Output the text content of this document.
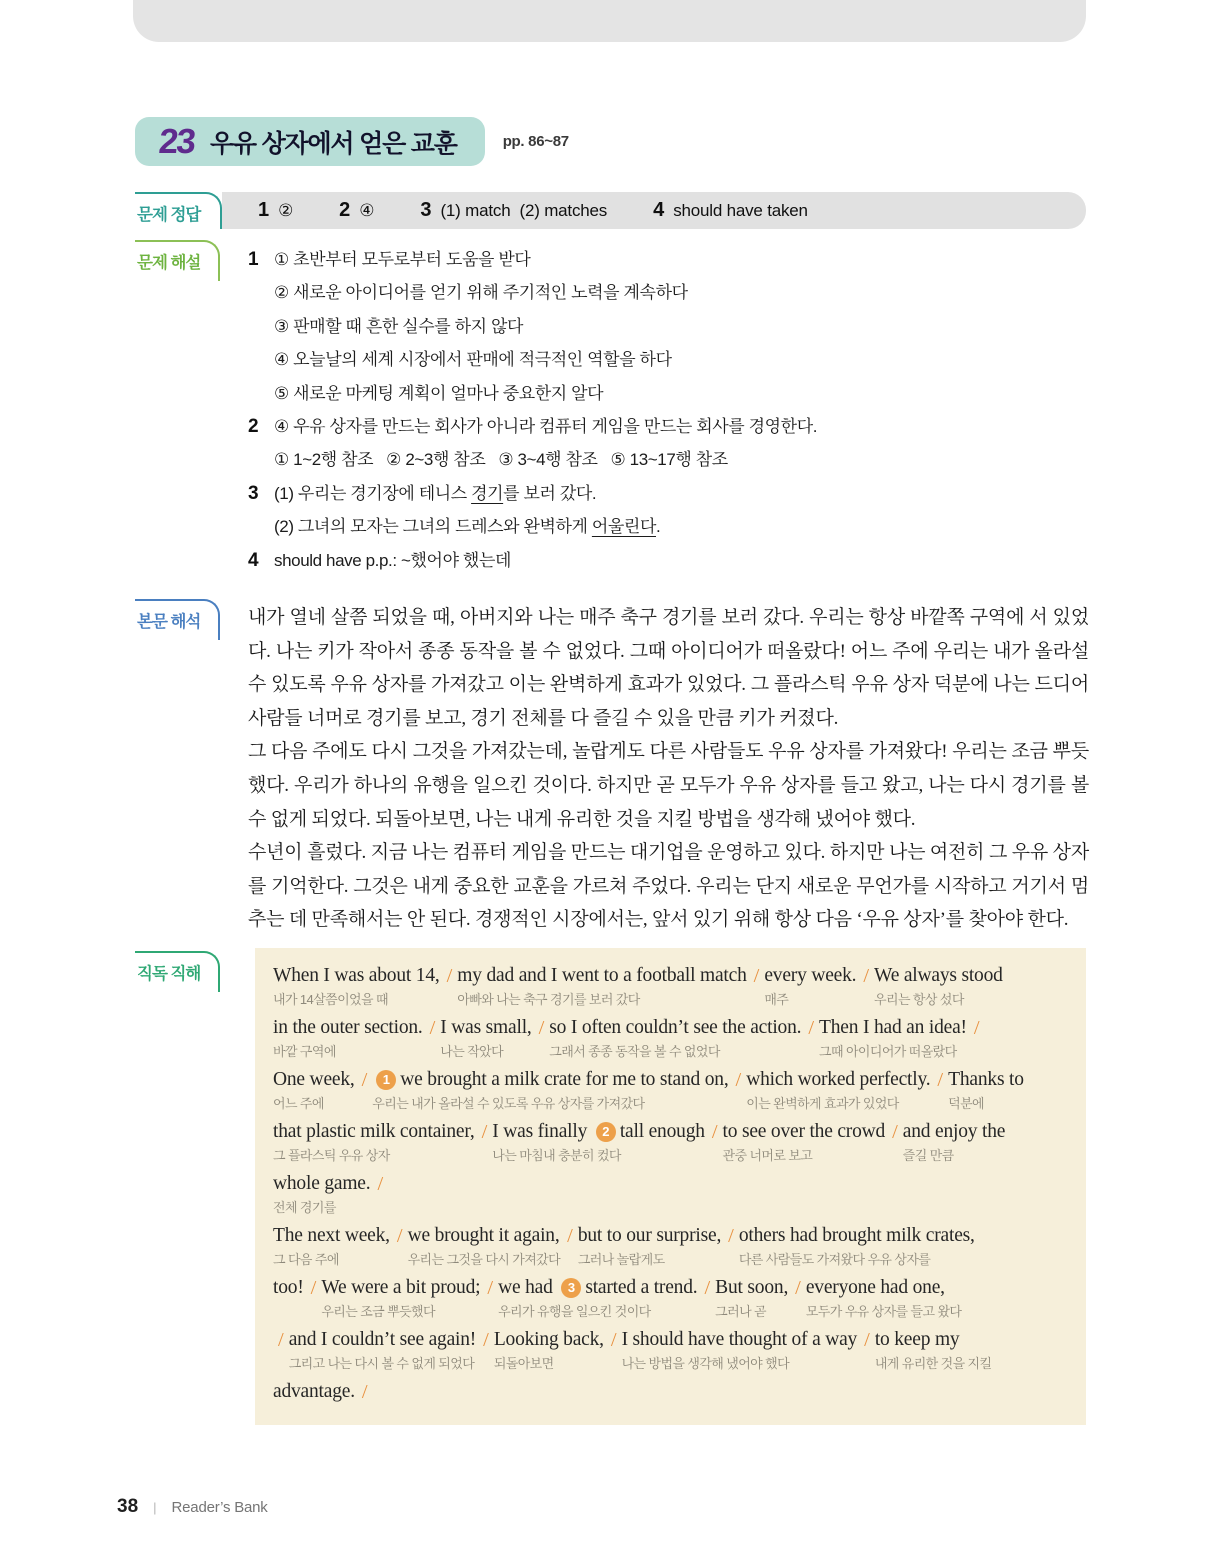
23 우유 상자에서 얻은 교훈	pp. 86~87
문제 정답	1 ② 2 ④ 3 (1) match  (2) matches 4 should have taken
문제 해설	1 ① 초반부터 모두로부터 도움을 받다
② 새로운 아이디어를 얻기 위해 주기적인 노력을 계속하다
③ 판매할 때 흔한 실수를 하지 않다
④ 오늘날의 세계 시장에서 판매에 적극적인 역할을 하다
⑤ 새로운 마케팅 계획이 얼마나 중요한지 알다
2 ④ 우유 상자를 만드는 회사가 아니라 컴퓨터 게임을 만드는 회사를 경영한다.
① 1~2행 참조   ② 2~3행 참조   ③ 3~4행 참조   ⑤ 13~17행 참조
3 (1) 우리는 경기장에 테니스 경기를 보러 갔다.
(2) 그녀의 모자는 그녀의 드레스와 완벽하게 어울린다.
4 should have p.p.: ~했어야 했는데
본문 해석	내가 열네 살쯤 되었을 때, 아버지와 나는 매주 축구 경기를 보러 갔다. 우리는 항상 바깥쪽 구역에 서 있었다. 나는 키가 작아서 종종 동작을 볼 수 없었다. 그때 아이디어가 떠올랐다! 어느 주에 우리는 내가 올라설 수 있도록 우유 상자를 가져갔고 이는 완벽하게 효과가 있었다. 그 플라스틱 우유 상자 덕분에 나는 드디어 사람들 너머로 경기를 보고, 경기 전체를 다 즐길 수 있을 만큼 키가 커졌다.

그 다음 주에도 다시 그것을 가져갔는데, 놀랍게도 다른 사람들도 우유 상자를 가져왔다! 우리는 조금 뿌듯했다. 우리가 하나의 유행을 일으킨 것이다. 하지만 곧 모두가 우유 상자를 들고 왔고, 나는 다시 경기를 볼 수 없게 되었다. 되돌아보면, 나는 내게 유리한 것을 지킬 방법을 생각해 냈어야 했다.

수년이 흘렀다. 지금 나는 컴퓨터 게임을 만드는 대기업을 운영하고 있다. 하지만 나는 여전히 그 우유 상자를 기억한다. 그것은 내게 중요한 교훈을 가르쳐 주었다. 우리는 단지 새로운 무언가를 시작하고 거기서 멈추는 데 만족해서는 안 된다. 경쟁적인 시장에서는, 앞서 있기 위해 항상 다음 ‘우유 상자’를 찾아야 한다.

직독 직해	When I was about 14,
내가 14살쯤이었을 때
/ my dad and I went to a football match
아빠와 나는 축구 경기를 보러 갔다
/ every week.
매주
/ We always stood
우리는 항상 섰다
in the outer section.
바깥 구역에
/ I was small,
나는 작았다
/ so I often couldn’t see the action.
그래서 종종 동작을 볼 수 없었다
/ Then I had an idea!
그때 아이디어가 떠올랐다
/
One week,
어느 주에
/	1 we brought a milk crate for me to stand on,
우리는 내가 올라설 수 있도록 우유 상자를 가져갔다
/ which worked perfectly.
이는 완벽하게 효과가 있었다
/ Thanks to
덕분에
that plastic milk container,
그 플라스틱 우유 상자
/ I was finally 2 tall enough
나는 마침내 충분히 컸다
/ to see over the crowd
관중 너머로 보고
/ and enjoy the
즐길 만큼
whole game.
전체 경기를
/
The next week,
그 다음 주에
/ we brought it again,
우리는 그것을 다시 가져갔다
/ but to our surprise,
그러나 놀랍게도
/ others had brought milk crates,
다른 사람들도 가져왔다 우유 상자를
too! / We were a bit proud;
우리는 조금 뿌듯했다
/ we had 3 started a trend.
우리가 유행을 일으킨 것이다
/ But soon,
그러나 곧
/ everyone had one,
모두가 우유 상자를 들고 왔다
/ and I couldn’t see again!
그리고 나는 다시 볼 수 없게 되었다
/ Looking back,
되돌아보면
/ I should have thought of a way
나는 방법을 생각해 냈어야 했다
/ to keep my
내게 유리한 것을 지킬
advantage. /
38 | Reader’s Bank
